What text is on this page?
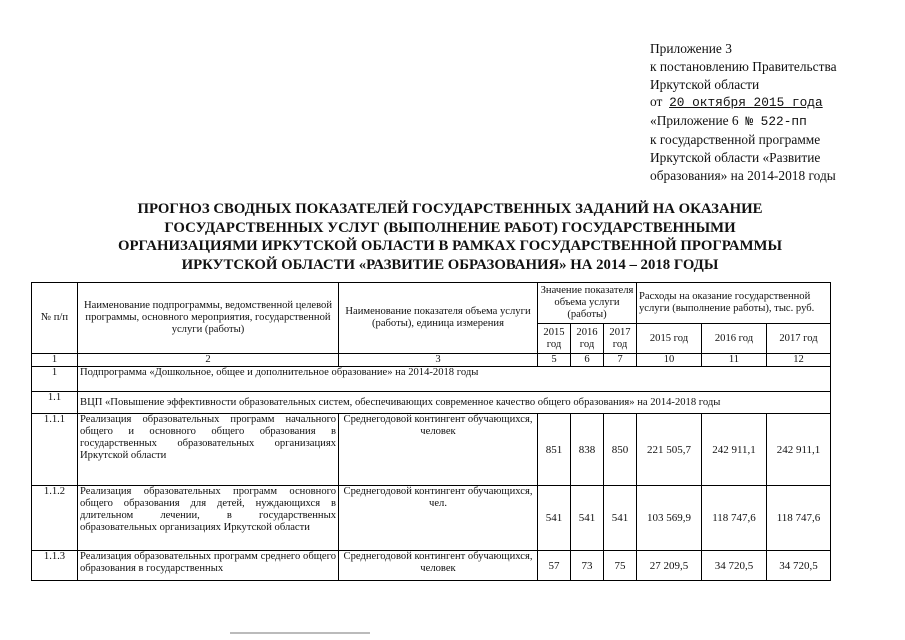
Приложение 3
к постановлению Правительства
Иркутской области
от 20 октября 2015 года
«Приложение 6 № 522-пп
к государственной программе
Иркутской области «Развитие
образования» на 2014-2018 годы
ПРОГНОЗ СВОДНЫХ ПОКАЗАТЕЛЕЙ ГОСУДАРСТВЕННЫХ ЗАДАНИЙ НА ОКАЗАНИЕ
ГОСУДАРСТВЕННЫХ УСЛУГ (ВЫПОЛНЕНИЕ РАБОТ) ГОСУДАРСТВЕННЫМИ
ОРГАНИЗАЦИЯМИ ИРКУТСКОЙ ОБЛАСТИ В РАМКАХ ГОСУДАРСТВЕННОЙ ПРОГРАММЫ
ИРКУТСКОЙ ОБЛАСТИ «РАЗВИТИЕ ОБРАЗОВАНИЯ» НА 2014 – 2018 ГОДЫ
№ п/п	Наименование подпрограммы, ведомственной целевой программы, основного мероприятия, государственной услуги (работы)	Наименование показателя объема услуги (работы), единица измерения	Значение показателя объема услуги (работы)			Расходы на оказание государственной услуги (выполнение работы), тыс. руб.		
			2015 год	2016 год	2017 год	2015 год	2016 год	2017 год
1	2	3	5	6	7	10	11	12
1	Подпрограмма «Дошкольное, общее и дополнительное образование» на 2014-2018 годы							
1.1	ВЦП «Повышение эффективности образовательных систем, обеспечивающих современное качество общего образования» на 2014-2018 годы							
1.1.1	Реализация образовательных программ начального общего и основного общего образования в государственных образовательных организациях Иркутской области	Среднегодовой контингент обучающихся, человек	851	838	850	221 505,7	242 911,1	242 911,1
1.1.2	Реализация образовательных программ основного общего образования для детей, нуждающихся в длительном лечении, в государственных образовательных организациях Иркутской области	Среднегодовой контингент обучающихся, чел.	541	541	541	103 569,9	118 747,6	118 747,6
1.1.3	Реализация образовательных программ среднего общего образования в государственных	Среднегодовой контингент обучающихся, человек	57	73	75	27 209,5	34 720,5	34 720,5
